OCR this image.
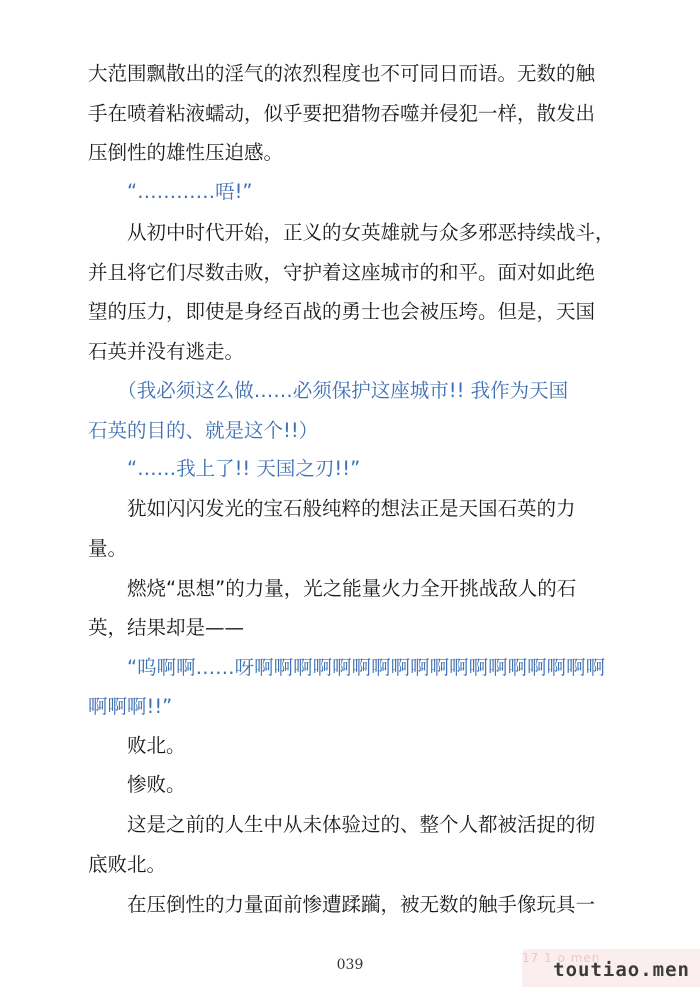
大范围飘散出的淫气的浓烈程度也不可同日而语。无数的触
手在喷着粘液蠕动，似乎要把猎物吞噬并侵犯一样，散发出
压倒性的雄性压迫感。
　　“…………唔!”
　　从初中时代开始，正义的女英雄就与众多邪恶持续战斗，
并且将它们尽数击败，守护着这座城市的和平。面对如此绝
望的压力，即使是身经百战的勇士也会被压垮。但是，天国
石英并没有逃走。
　　（我必须这么做……必须保护这座城市!! 我作为天国
石英的目的、就是这个!!）
　　“……我上了!! 天国之刃!!”
　　犹如闪闪发光的宝石般纯粹的想法正是天国石英的力
量。
　　燃烧“思想”的力量，光之能量火力全开挑战敌人的石
英，结果却是——
　　“呜啊啊……呀啊啊啊啊啊啊啊啊啊啊啊啊啊啊啊啊啊啊
啊啊啊!!”
　　败北。
　　惨败。
　　这是之前的人生中从未体验过的、整个人都被活捉的彻
底败北。
　　在压倒性的力量面前惨遭蹂躏，被无数的触手像玩具一
039	17 1 o men
toutiao.men
